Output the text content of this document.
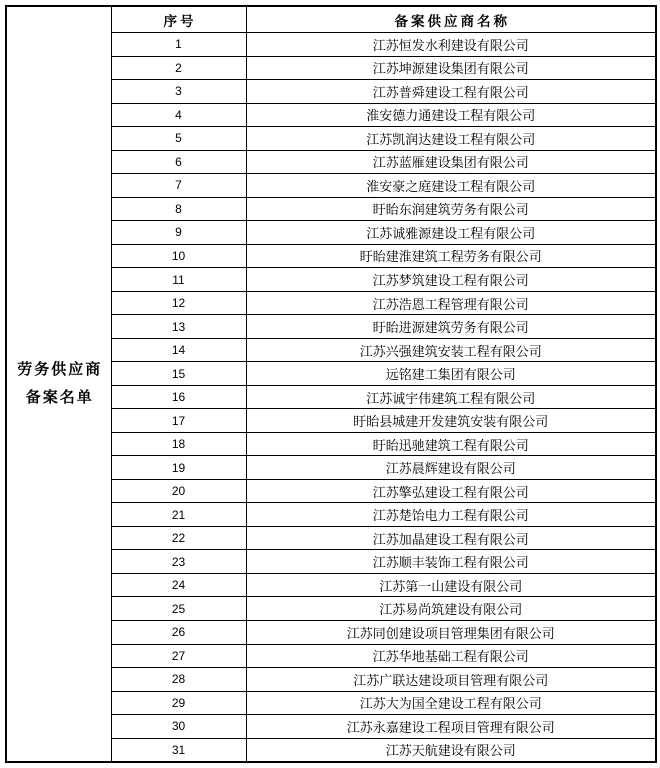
劳务供应商
备案名单	序号	备案供应商名称
	1	江苏恒发水利建设有限公司
	2	江苏坤源建设集团有限公司
	3	江苏普舜建设工程有限公司
	4	淮安德力通建设工程有限公司
	5	江苏凯润达建设工程有限公司
	6	江苏蓝雁建设集团有限公司
	7	淮安豪之庭建设工程有限公司
	8	盱眙东润建筑劳务有限公司
	9	江苏诚雅源建设工程有限公司
	10	盱眙建淮建筑工程劳务有限公司
	11	江苏梦筑建设工程有限公司
	12	江苏浩恩工程管理有限公司
	13	盱眙进源建筑劳务有限公司
	14	江苏兴强建筑安装工程有限公司
	15	远铭建工集团有限公司
	16	江苏诚宇伟建筑工程有限公司
	17	盱眙县城建开发建筑安装有限公司
	18	盱眙迅驰建筑工程有限公司
	19	江苏晨辉建设有限公司
	20	江苏擎弘建设工程有限公司
	21	江苏楚饴电力工程有限公司
	22	江苏加晶建设工程有限公司
	23	江苏顺丰装饰工程有限公司
	24	江苏第一山建设有限公司
	25	江苏易尚筑建设有限公司
	26	江苏同创建设项目管理集团有限公司
	27	江苏华地基础工程有限公司
	28	江苏广联达建设项目管理有限公司
	29	江苏大为国全建设工程有限公司
	30	江苏永嘉建设工程项目管理有限公司
	31	江苏天航建设有限公司
